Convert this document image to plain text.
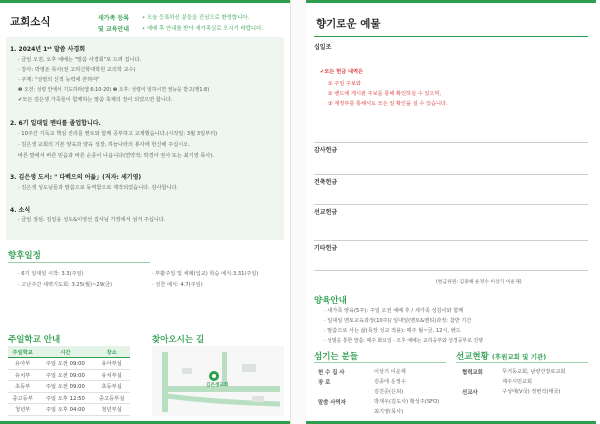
교회소식	새가족 등록
및 교육안내
• 오늘 등록하신 분들을 진심으로 환영합니다.
• 예배 후 안내를 받아 새가족실로 오시기 바랍니다.
1. 2024년 1ˢᵗ 말씀 사경회
· 금일 오전, 오후 예배는 "말씀 사경회"로 드려 집니다.
· 강사: 박영돈 목사(전 고려신학대학원 교의학 교수)
· 주제: "성령의 신적 능력에 갇혀여"
❶ 오전: 성령 안에서 기도하라(엡 6:10-20) ❷ 오후: 성령이 임하시면 권능을 받고(행1:8)
✔모든 김은생 가족들이 함께하는 말씀 축제의 장이 되었으면 합니다.
2. 6기 일대일 멘티를 졸업합니다.
· 10주간 기독교 핵심 진리를 멘토와 함께 공부하고 교제했습니다.(시작일: 3월 3일부터)
· 김은생 교회의 기본 양육과 양육 성장, 하늘나라의 봉사에 헌신해 주십시오.
바른 말에서 바른 믿음과 바른 순종이 나옵니다(면약적: 박경아 권사 또는 최기영 목사).
3. 김은생 도서: " 다벡으의 어듦」(저자: 세기영)
· 김은생 성도님들과 말씀으로 동역함으로 제작되었습니다. 감사합니다.
4. 소식
· 금일 점심: 김일웅 성도&이영선 집사님 가정에서 섬겨 주십니다.
향후일정
· 6기 일대일 시작: 3.3(주일)
· 고난주간 새벽기도회: 3.25(월)~29(금)
· 부활주일 및 세례(입교) 학습 예식:3.31(주일)
· 성찬 예식: 4.7(주일)
주일학교 안내
주일학교	시간	장소
유아부	주일 오전 09:00	유아부실
유치부	주일 오전 09:00	유치부실
초등부	주일 오전 09:00	초등부실
중고등부	주일 오후 12:50	중고등부실
청년부	주일 오후 04:00	청년부실
찾아오시는 길
김은생교회
향기로운 예물
십일조
✔모든 헌금 내역은
① 주일 주보와
② 밴드에 게시판 주보를 통해 확인하실 수 있으며,
③ 재정부를 통해서도 모든 일 확인을 실 수 있습니다.
감사헌금
건축헌금
선교헌금
기타헌금
(헌금위원: 김종해 운정수 이상기 이운제)
양육안내
· 새가족 양육(5주): 주일 오전 예배 후 / 새가족 성김이와 함께
· 일대일 멘토교육과정(10주)/ 일대일(멘토&멘티)과정: 참반 기간
· 말씀으로 사는 삶(목장 성교 적용): 매주 월~금, 12시, 밴드
· 성범을 통한 말씀: 매주 화요일 · 오후 예배는 교리공부와 성경공부로 진행
섬기는 분들
헌 수 집 사	이상기 이운제
장 로	김종태 운정수
김진준(은퇴)
말씀 사역자	박재우(김도사) 황성주(SFO)
최기영(목사)
선교현황 (후원교회 및 기관)
협력교회	무거동교회, 남양산장로교회
제주시민교회
선교사	구성태(V국) 정변석(태국)
